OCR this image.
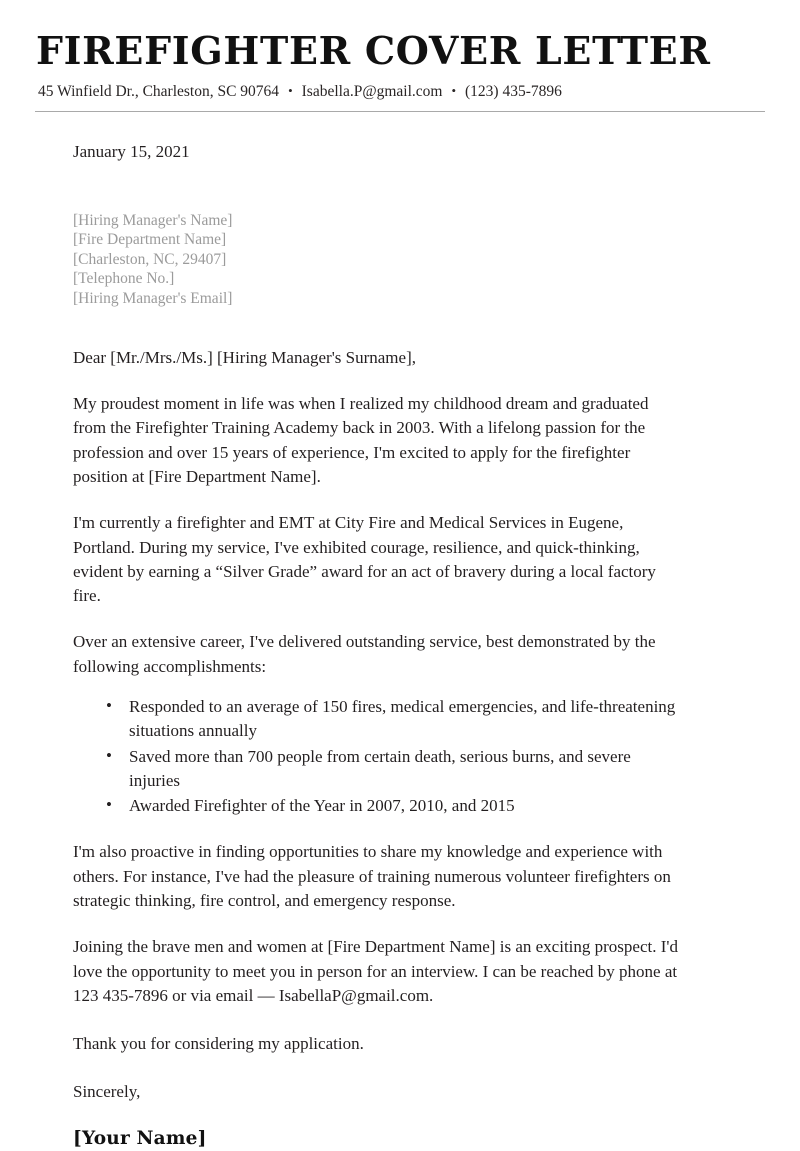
FIREFIGHTER COVER LETTER
45 Winfield Dr., Charleston, SC 90764 • Isabella.P@gmail.com • (123) 435-7896

January 15, 2021

[Hiring Manager's Name]
[Fire Department Name]
[Charleston, NC, 29407]
[Telephone No.]
[Hiring Manager's Email]

Dear [Mr./Mrs./Ms.] [Hiring Manager's Surname],

My proudest moment in life was when I realized my childhood dream and graduated from the Firefighter Training Academy back in 2003. With a lifelong passion for the profession and over 15 years of experience, I'm excited to apply for the firefighter position at [Fire Department Name].

I'm currently a firefighter and EMT at City Fire and Medical Services in Eugene, Portland. During my service, I've exhibited courage, resilience, and quick-thinking, evident by earning a “Silver Grade” award for an act of bravery during a local factory fire.

Over an extensive career, I've delivered outstanding service, best demonstrated by the following accomplishments:

• Responded to an average of 150 fires, medical emergencies, and life-threatening situations annually
• Saved more than 700 people from certain death, serious burns, and severe injuries
• Awarded Firefighter of the Year in 2007, 2010, and 2015

I'm also proactive in finding opportunities to share my knowledge and experience with others. For instance, I've had the pleasure of training numerous volunteer firefighters on strategic thinking, fire control, and emergency response.

Joining the brave men and women at [Fire Department Name] is an exciting prospect. I'd love the opportunity to meet you in person for an interview. I can be reached by phone at 123 435-7896 or via email — IsabellaP@gmail.com.

Thank you for considering my application.

Sincerely,

[Your Name]
